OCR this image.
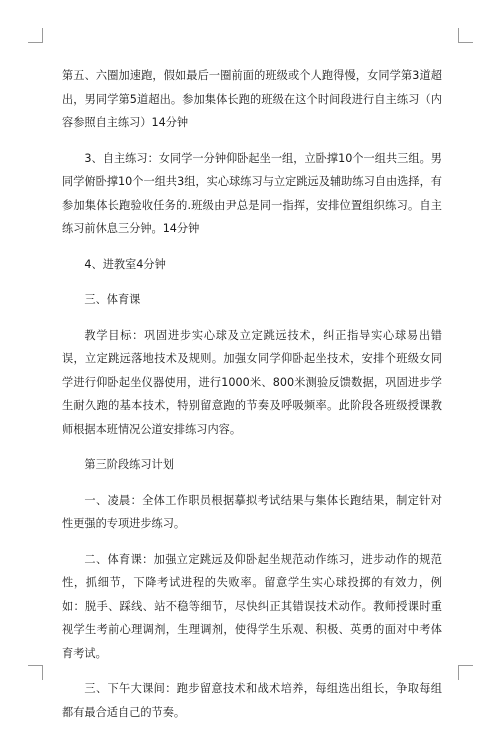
第五、六圈加速跑，假如最后一圈前面的班级或个人跑得慢，女同学第3道超出，男同学第5道超出。参加集体长跑的班级在这个时间段进行自主练习（内容参照自主练习）14分钟

3、自主练习：女同学一分钟仰卧起坐一组，立卧撑10个一组共三组。男同学俯卧撑10个一组共3组，实心球练习与立定跳远及辅助练习自由选择，有参加集体长跑验收任务的.班级由尹总是同一指挥，安排位置组织练习。自主练习前休息三分钟。14分钟

4、进教室4分钟

三、体育课

教学目标：巩固进步实心球及立定跳远技术，纠正指导实心球易出错误，立定跳远落地技术及规则。加强女同学仰卧起坐技术，安排个班级女同学进行仰卧起坐仪器使用，进行1000米、800米测验反馈数据，巩固进步学生耐久跑的基本技术，特别留意跑的节奏及呼吸频率。此阶段各班级授课教师根据本班情况公道安排练习内容。

第三阶段练习计划

一、凌晨：全体工作职员根据摹拟考试结果与集体长跑结果，制定针对性更强的专项进步练习。

二、体育课：加强立定跳远及仰卧起坐规范动作练习，进步动作的规范性，抓细节，下降考试进程的失败率。留意学生实心球投掷的有效力，例如：脱手、踩线、站不稳等细节，尽快纠正其错误技术动作。教师授课时重视学生考前心理调剂，生理调剂，使得学生乐观、积极、英勇的面对中考体育考试。

三、下午大课间：跑步留意技术和战术培养，每组选出组长，争取每组都有最合适自己的节奏。
